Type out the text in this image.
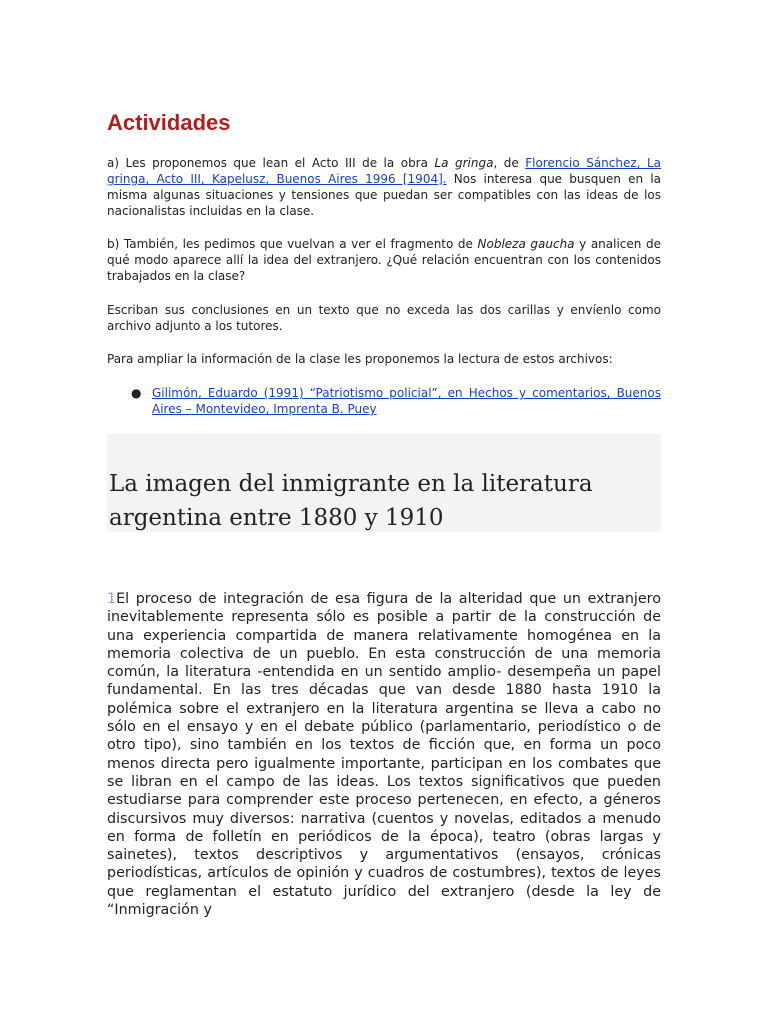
Actividades

a) Les proponemos que lean el Acto III de la obra La gringa, de Florencio Sánchez, La gringa, Acto III, Kapelusz, Buenos Aires 1996 [1904]. Nos interesa que busquen en la misma algunas situaciones y tensiones que puedan ser compatibles con las ideas de los nacionalistas incluidas en la clase.

b) También, les pedimos que vuelvan a ver el fragmento de Nobleza gaucha y analicen de qué modo aparece allí la idea del extranjero. ¿Qué relación encuentran con los contenidos trabajados en la clase?

Escriban sus conclusiones en un texto que no exceda las dos carillas y envíenlo como archivo adjunto a los tutores.

Para ampliar la información de la clase les proponemos la lectura de estos archivos:

● Gilimón, Eduardo (1991) “Patriotismo policial”, en Hechos y comentarios, Buenos Aires – Montevideo, Imprenta B. Puey
La imagen del inmigrante en la literatura argentina entre 1880 y 1910

1El proceso de integración de esa figura de la alteridad que un extranjero inevitablemente representa sólo es posible a partir de la construcción de una experiencia compartida de manera relativamente homogénea en la memoria colectiva de un pueblo. En esta construcción de una memoria común, la literatura -entendida en un sentido amplio- desempeña un papel fundamental. En las tres décadas que van desde 1880 hasta 1910 la polémica sobre el extranjero en la literatura argentina se lleva a cabo no sólo en el ensayo y en el debate público (parlamentario, periodístico o de otro tipo), sino también en los textos de ficción que, en forma un poco menos directa pero igualmente importante, participan en los combates que se libran en el campo de las ideas. Los textos significativos que pueden estudiarse para comprender este proceso pertenecen, en efecto, a géneros discursivos muy diversos: narrativa (cuentos y novelas, editados a menudo en forma de folletín en periódicos de la época), teatro (obras largas y sainetes), textos descriptivos y argumentativos (ensayos, crónicas periodísticas, artículos de opinión y cuadros de costumbres), textos de leyes que reglamentan el estatuto jurídico del extranjero (desde la ley de “Inmigración y
